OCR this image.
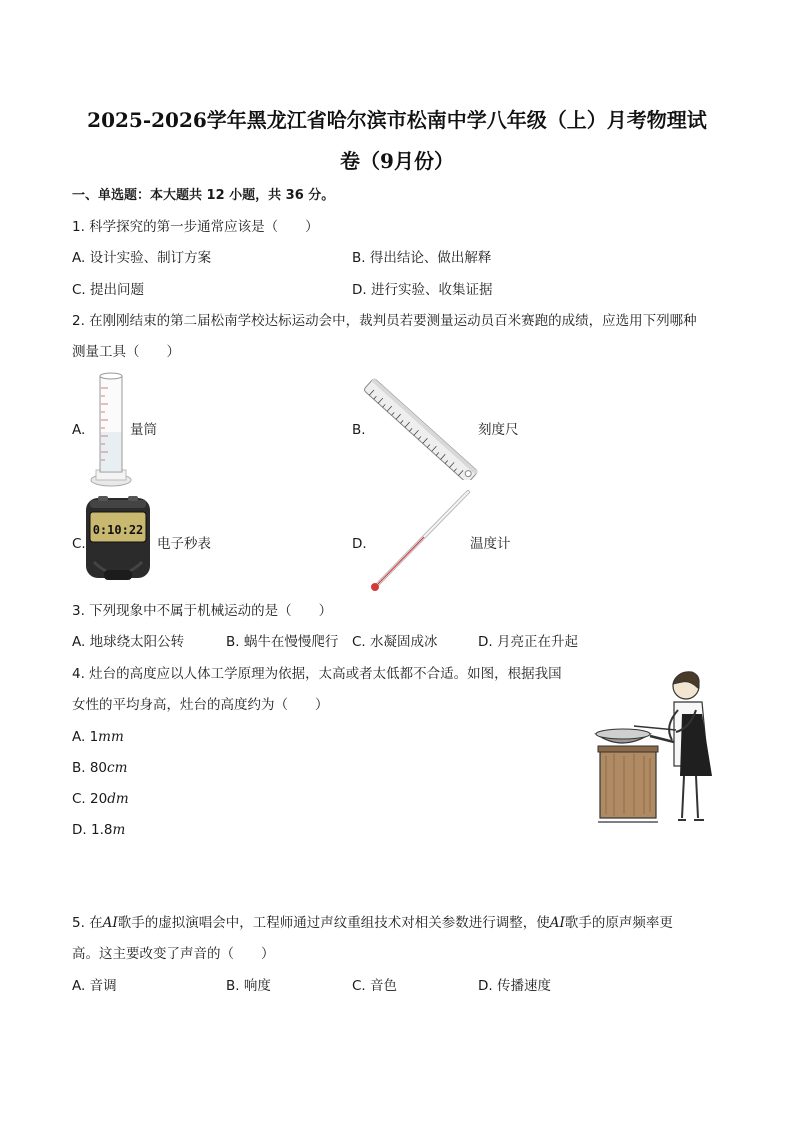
2025-2026学年黑龙江省哈尔滨市松南中学八年级（上）月考物理试
卷（9月份）
一、单选题：本大题共 12 小题，共 36 分。
1. 科学探究的第一步通常应该是（　　）
A. 设计实验、制订方案	B. 得出结论、做出解释
C. 提出问题	D. 进行实验、收集证据
2. 在刚刚结束的第二届松南学校达标运动会中，裁判员若要测量运动员百米赛跑的成绩，应选用下列哪种
测量工具（　　）
A.	量筒	B.	刻度尺
C.
0:10:22
电子秒表	D.	温度计
3. 下列现象中不属于机械运动的是（　　）
A. 地球绕太阳公转	B. 蜗牛在慢慢爬行 C. 水凝固成冰	D. 月亮正在升起
4. 灶台的高度应以人体工学原理为依据，太高或者太低都不合适。如图，根据我国
女性的平均身高，灶台的高度约为（　　）
A. 1mm
B. 80cm
C. 20dm
D. 1.8m
5. 在AI歌手的虚拟演唱会中，工程师通过声纹重组技术对相关参数进行调整，使AI歌手的原声频率更
高。这主要改变了声音的（　　）
A. 音调	B. 响度	C. 音色	D. 传播速度
